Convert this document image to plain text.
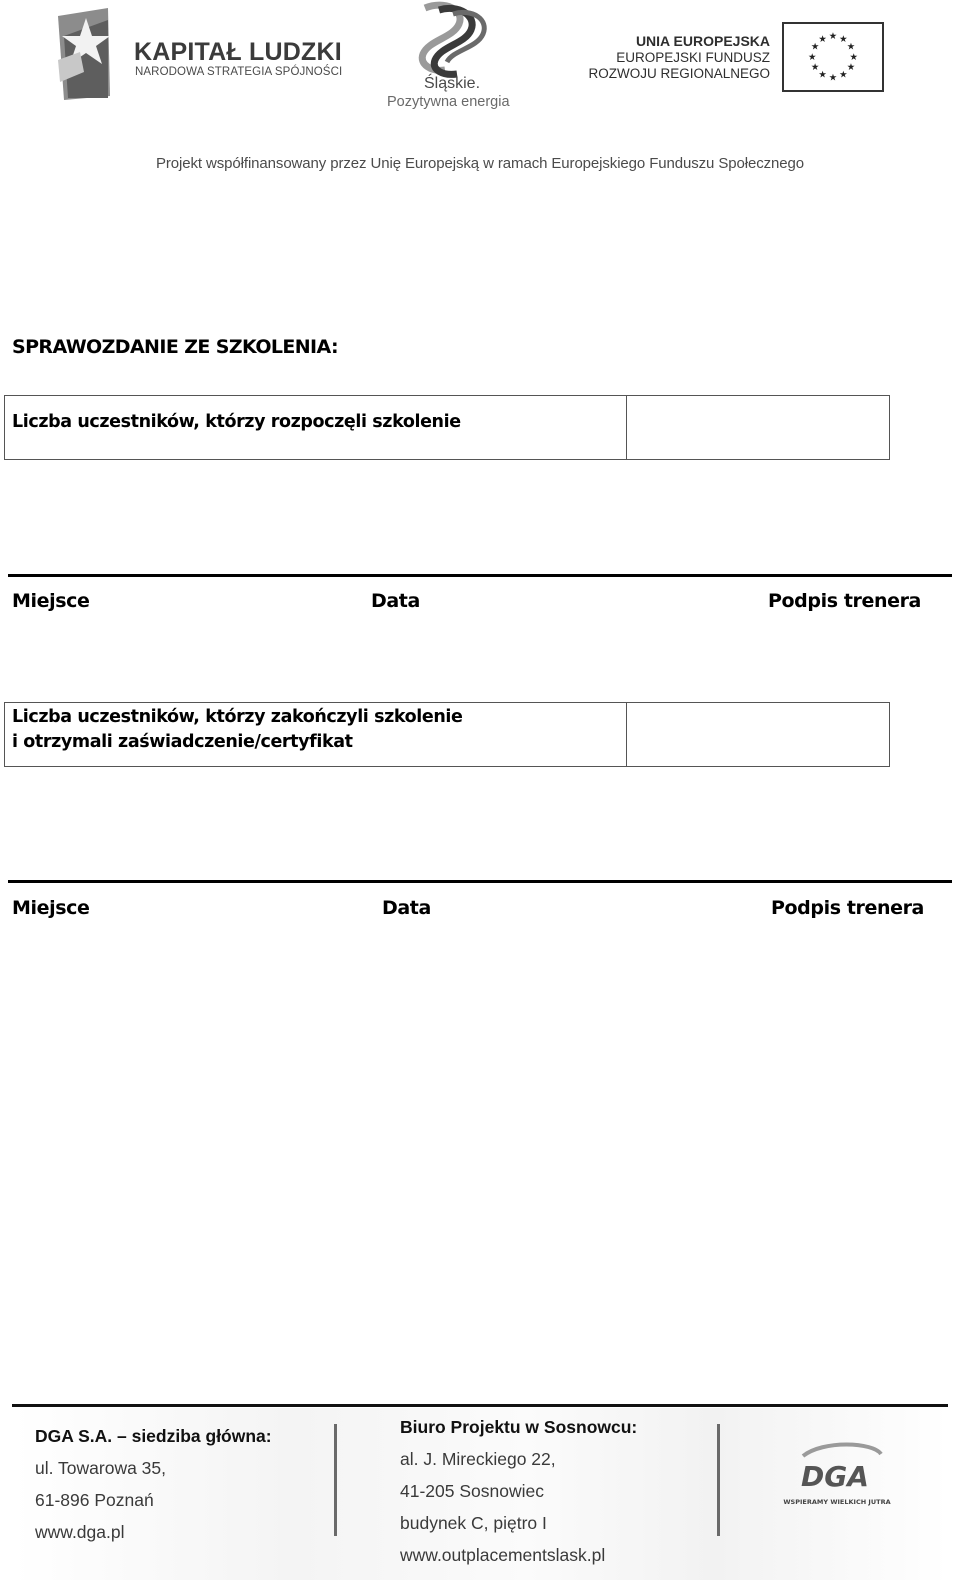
KAPITAŁ LUDZKI
NARODOWA STRATEGIA SPÓJNOŚCI
Śląskie.
Pozytywna energia
UNIA EUROPEJSKA
EUROPEJSKI FUNDUSZ
ROZWOJU REGIONALNEGO
★ ★
★
★
★
★
★
★
★
★
★
★
Projekt współfinansowany przez Unię Europejską w ramach Europejskiego Funduszu Społecznego
SPRAWOZDANIE ZE SZKOLENIA:
Liczba uczestników, którzy rozpoczęli szkolenie
Miejsce	Data	Podpis trenera
Liczba uczestników, którzy zakończyli szkolenie
i otrzymali zaświadczenie/certyfikat
Miejsce	Data	Podpis trenera
DGA S.A. – siedziba główna:
ul. Towarowa 35,
61-896 Poznań
www.dga.pl
Biuro Projektu w Sosnowcu:
al. J. Mireckiego 22,
41-205 Sosnowiec
budynek C, piętro I
www.outplacementslask.pl
DGA
WSPIERAMY WIELKICH JUTRA
